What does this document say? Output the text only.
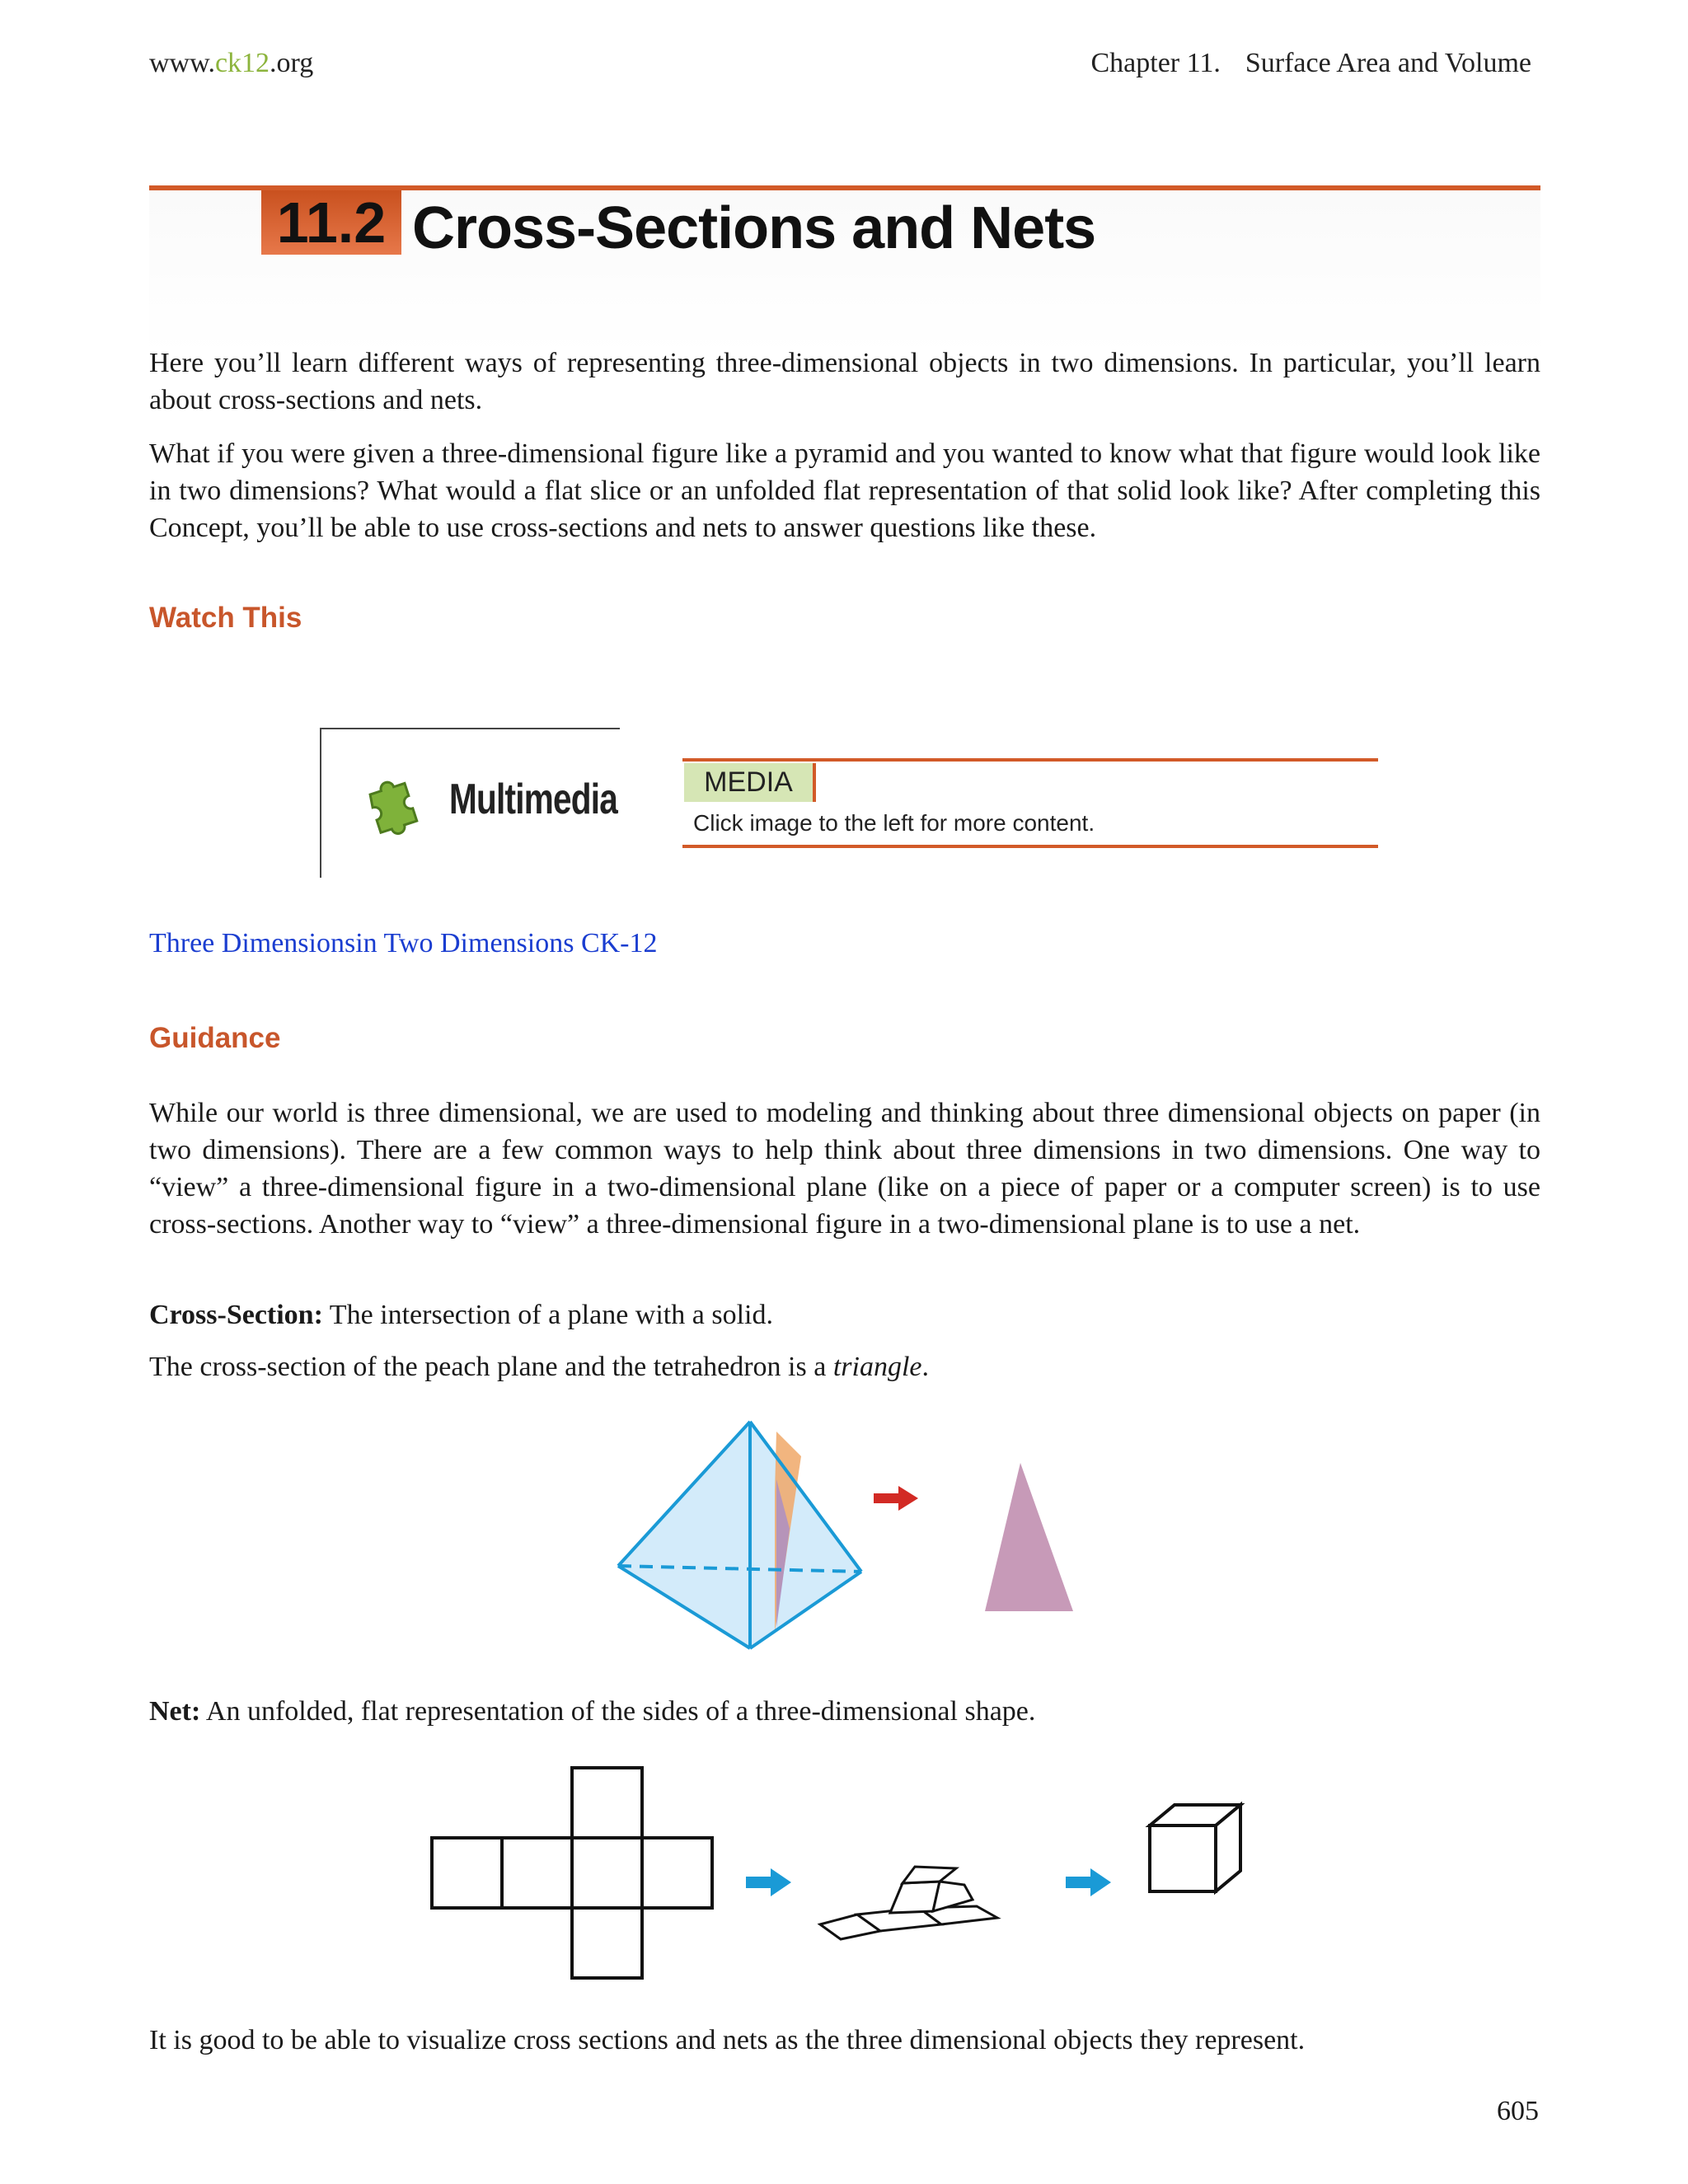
www.ck12.org	Chapter 11. Surface Area and Volume
11.2 Cross-Sections and Nets

Here you’ll learn different ways of representing three-dimensional objects in two dimensions. In particular, you’ll learn about cross-sections and nets.

What if you were given a three-dimensional figure like a pyramid and you wanted to know what that figure would look like in two dimensions? What would a flat slice or an unfolded flat representation of that solid look like? After completing this Concept, you’ll be able to use cross-sections and nets to answer questions like these.

Watch This
Multimedia	MEDIA
Click image to the left for more content.
Three Dimensionsin Two Dimensions CK-12
Guidance

While our world is three dimensional, we are used to modeling and thinking about three dimensional objects on paper (in two dimensions). There are a few common ways to help think about three dimensions in two dimensions. One way to “view” a three-dimensional figure in a two-dimensional plane (like on a piece of paper or a computer screen) is to use cross-sections. Another way to “view” a three-dimensional figure in a two-dimensional plane is to use a net.

Cross-Section: The intersection of a plane with a solid.

The cross-section of the peach plane and the tetrahedron is a triangle.

Net: An unfolded, flat representation of the sides of a three-dimensional shape.

It is good to be able to visualize cross sections and nets as the three dimensional objects they represent.

605
